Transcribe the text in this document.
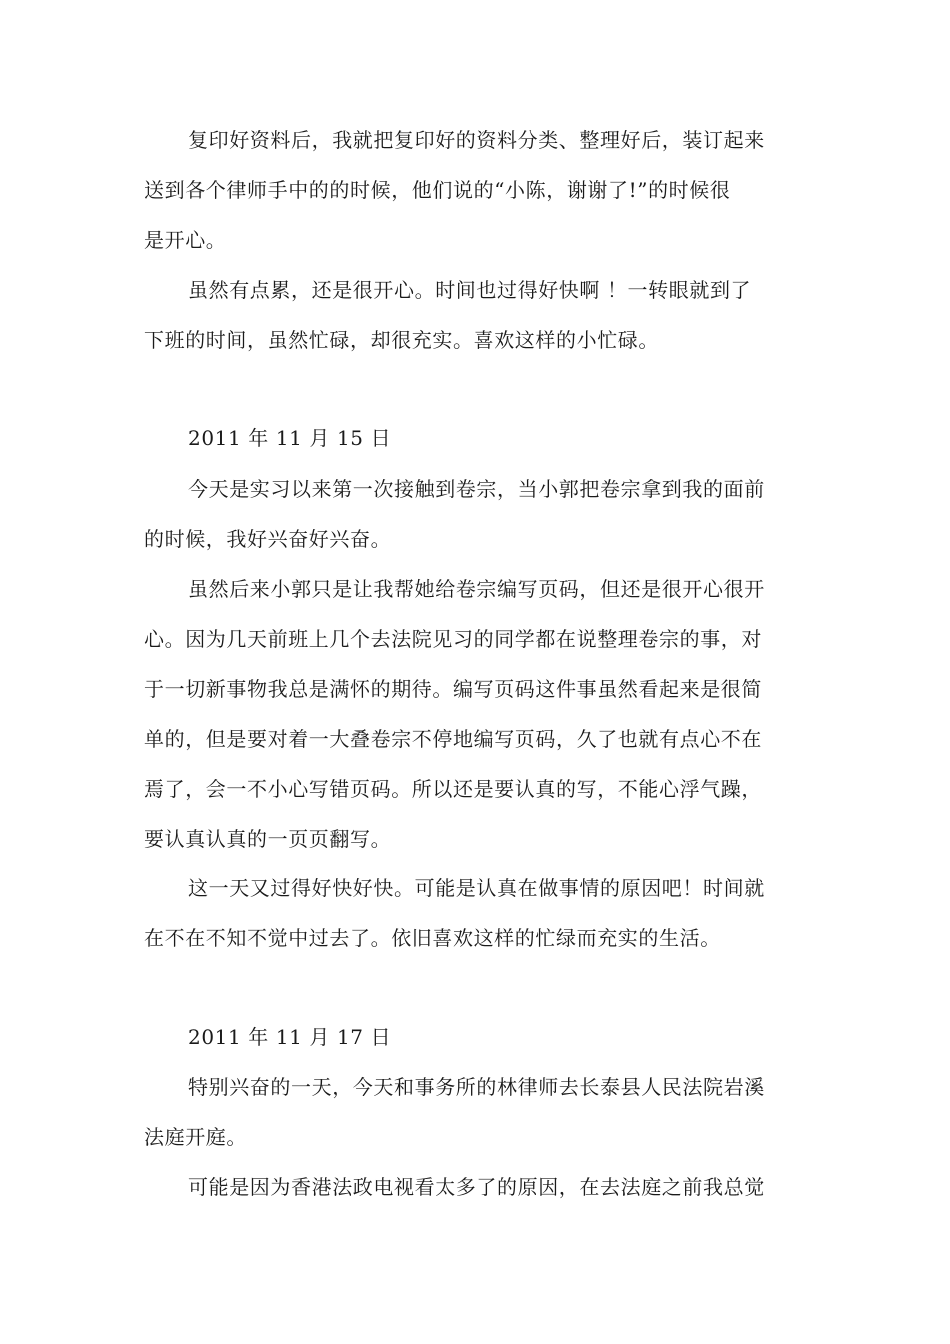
复印好资料后，我就把复印好的资料分类、整理好后，装订起来
送到各个律师手中的的时候，他们说的“小陈，谢谢了!”的时候很
是开心。
虽然有点累，还是很开心。时间也过得好快啊 ！一转眼就到了
下班的时间，虽然忙碌，却很充实。喜欢这样的小忙碌。
2011 年 11 月 15 日
今天是实习以来第一次接触到卷宗，当小郭把卷宗拿到我的面前
的时候，我好兴奋好兴奋。
虽然后来小郭只是让我帮她给卷宗编写页码，但还是很开心很开
心。因为几天前班上几个去法院见习的同学都在说整理卷宗的事，对
于一切新事物我总是满怀的期待。编写页码这件事虽然看起来是很简
单的，但是要对着一大叠卷宗不停地编写页码，久了也就有点心不在
焉了，会一不小心写错页码。所以还是要认真的写，不能心浮气躁，
要认真认真的一页页翻写。
这一天又过得好快好快。可能是认真在做事情的原因吧！时间就
在不在不知不觉中过去了。依旧喜欢这样的忙绿而充实的生活。
2011 年 11 月 17 日
特别兴奋的一天，今天和事务所的林律师去长泰县人民法院岩溪
法庭开庭。
可能是因为香港法政电视看太多了的原因，在去法庭之前我总觉
